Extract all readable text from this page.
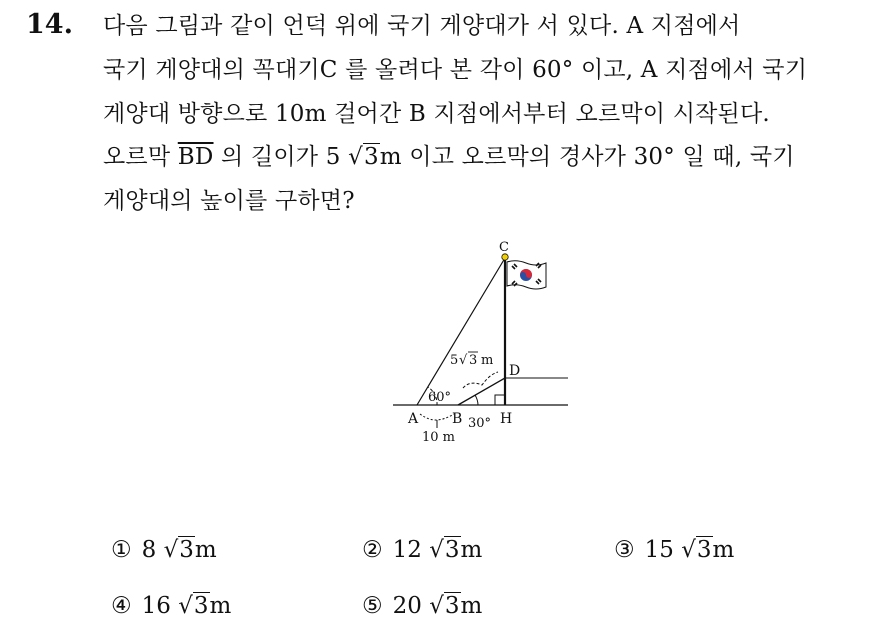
14. 다음 그림과 같이 언덕 위에 국기 게양대가 서 있다. A 지점에서
국기 게양대의 꼭대기C 를 올려다 본 각이 60° 이고, A 지점에서 국기
게양대 방향으로 10m 걸어간 B 지점에서부터 오르막이 시작된다.
오르막 $\overline{BD}$ 의 길이가 5 √3m 이고 오르막의 경사가 30° 일 때, 국기
게양대의 높이를 구하면?
C
D
A B	H
60°
30°
10 m
5 √ 3 m
① 8 √3m	② 12 √3m	③ 15 √3m
④ 16 √3m	⑤ 20 √3m
